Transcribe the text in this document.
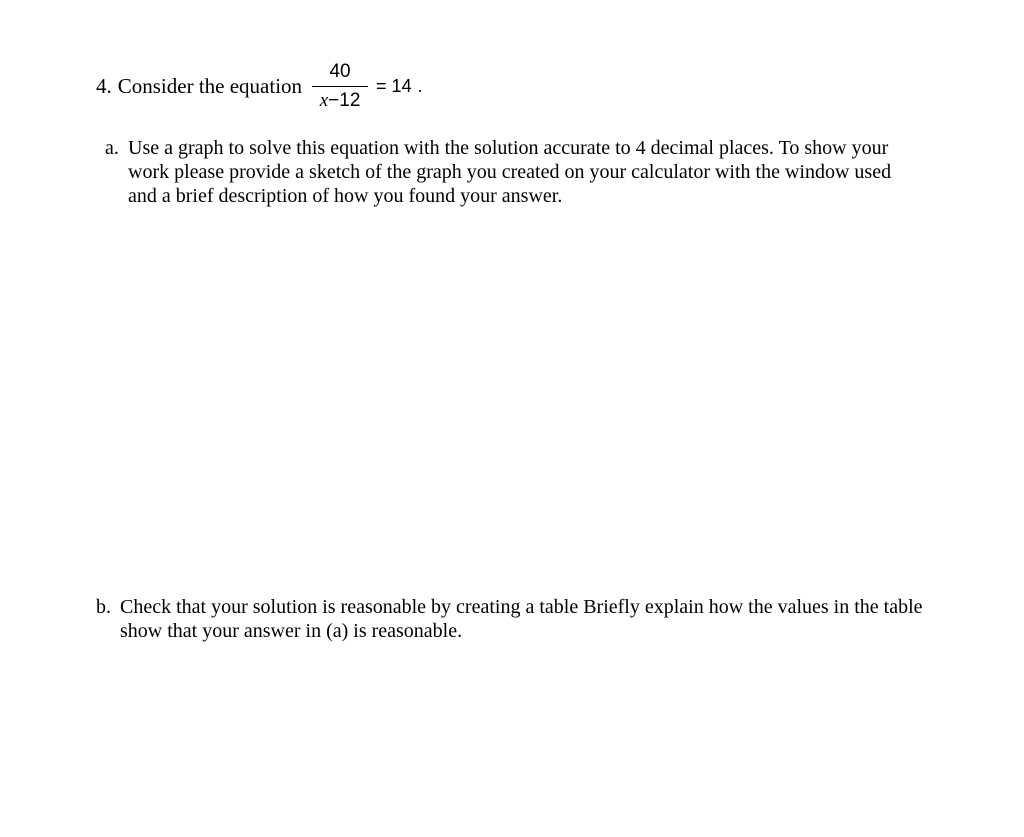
4. Consider the equation $\frac{40}{x-12} = 14$ .
a. Use a graph to solve this equation with the solution accurate to 4 decimal places. To show your work please provide a sketch of the graph you created on your calculator with the window used and a brief description of how you found your answer.
b. Check that your solution is reasonable by creating a table Briefly explain how the values in the table show that your answer in (a) is reasonable.
